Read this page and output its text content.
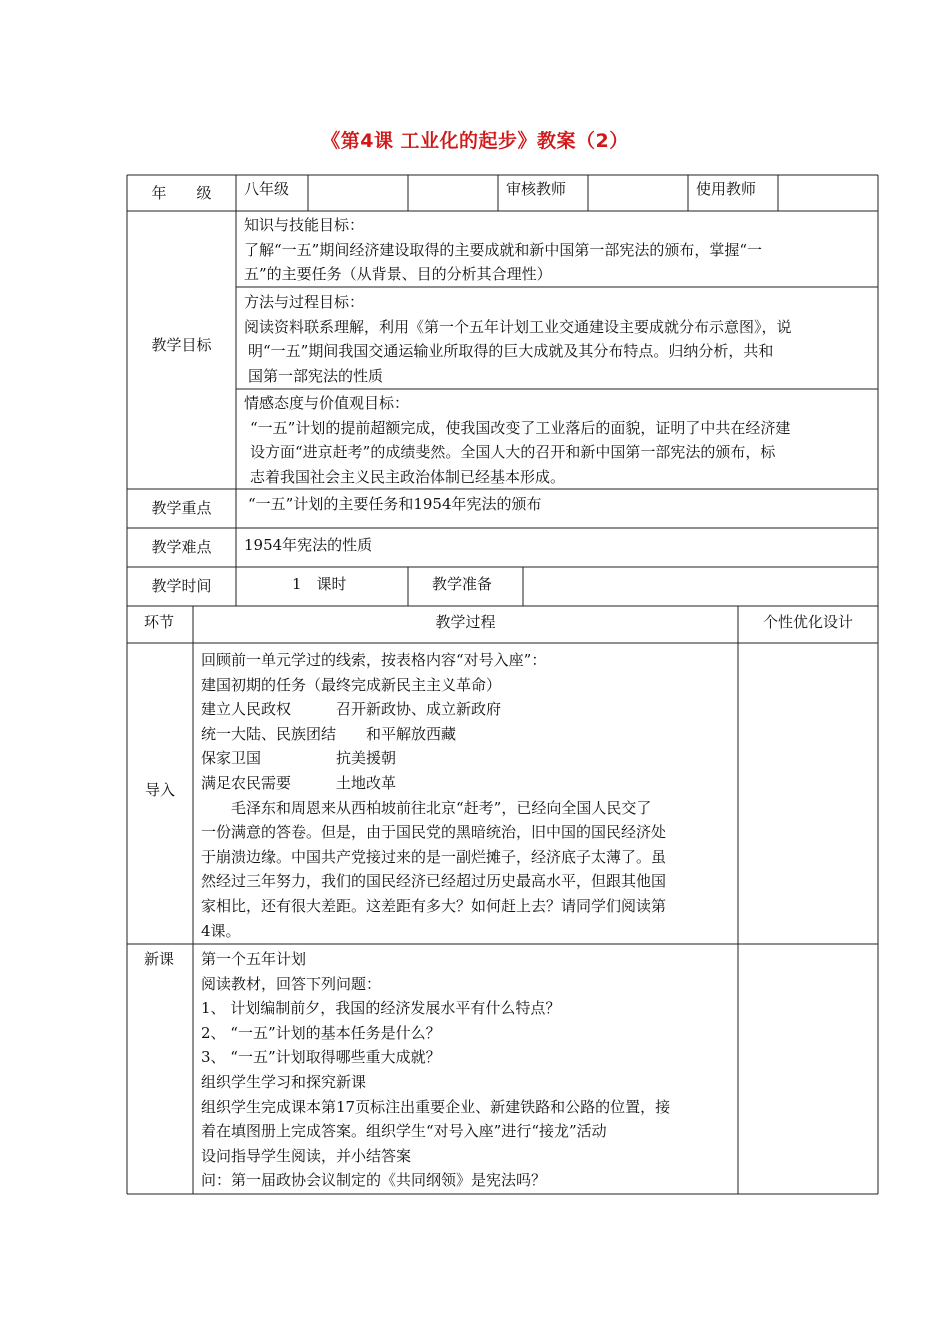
《第4课 工业化的起步》教案（2）
年　　级	八年级	审核教师	使用教师
教学目标
知识与技能目标：
了解“一五”期间经济建设取得的主要成就和新中国第一部宪法的颁布，掌握“一
五”的主要任务（从背景、目的分析其合理性）
方法与过程目标：
阅读资料联系理解，利用《第一个五年计划工业交通建设主要成就分布示意图》，说
明“一五”期间我国交通运输业所取得的巨大成就及其分布特点。归纳分析，共和
国第一部宪法的性质
情感态度与价值观目标：
“一五”计划的提前超额完成，使我国改变了工业落后的面貌，证明了中共在经济建
设方面“进京赶考”的成绩斐然。全国人大的召开和新中国第一部宪法的颁布，标
志着我国社会主义民主政治体制已经基本形成。
教学重点	“一五”计划的主要任务和1954年宪法的颁布
教学难点	1954年宪法的性质
教学时间	1　课时	教学准备
环节	教学过程	个性优化设计
导入
回顾前一单元学过的线索，按表格内容“对号入座”：
建国初期的任务（最终完成新民主主义革命）
建立人民政权　　　召开新政协、成立新政府
统一大陆、民族团结　　和平解放西藏
保家卫国　　　　　抗美援朝
满足农民需要　　　土地改革
　　毛泽东和周恩来从西柏坡前往北京“赶考”，已经向全国人民交了
一份满意的答卷。但是，由于国民党的黑暗统治，旧中国的国民经济处
于崩溃边缘。中国共产党接过来的是一副烂摊子，经济底子太薄了。虽
然经过三年努力，我们的国民经济已经超过历史最高水平，但跟其他国
家相比，还有很大差距。这差距有多大？如何赶上去？请同学们阅读第
4课。
新课	第一个五年计划
阅读教材，回答下列问题：
1、 计划编制前夕，我国的经济发展水平有什么特点？
2、 “一五”计划的基本任务是什么？
3、 “一五”计划取得哪些重大成就？
组织学生学习和探究新课
组织学生完成课本第17页标注出重要企业、新建铁路和公路的位置，接
着在填图册上完成答案。组织学生“对号入座”进行“接龙”活动
设问指导学生阅读，并小结答案
问：第一届政协会议制定的《共同纲领》是宪法吗？
